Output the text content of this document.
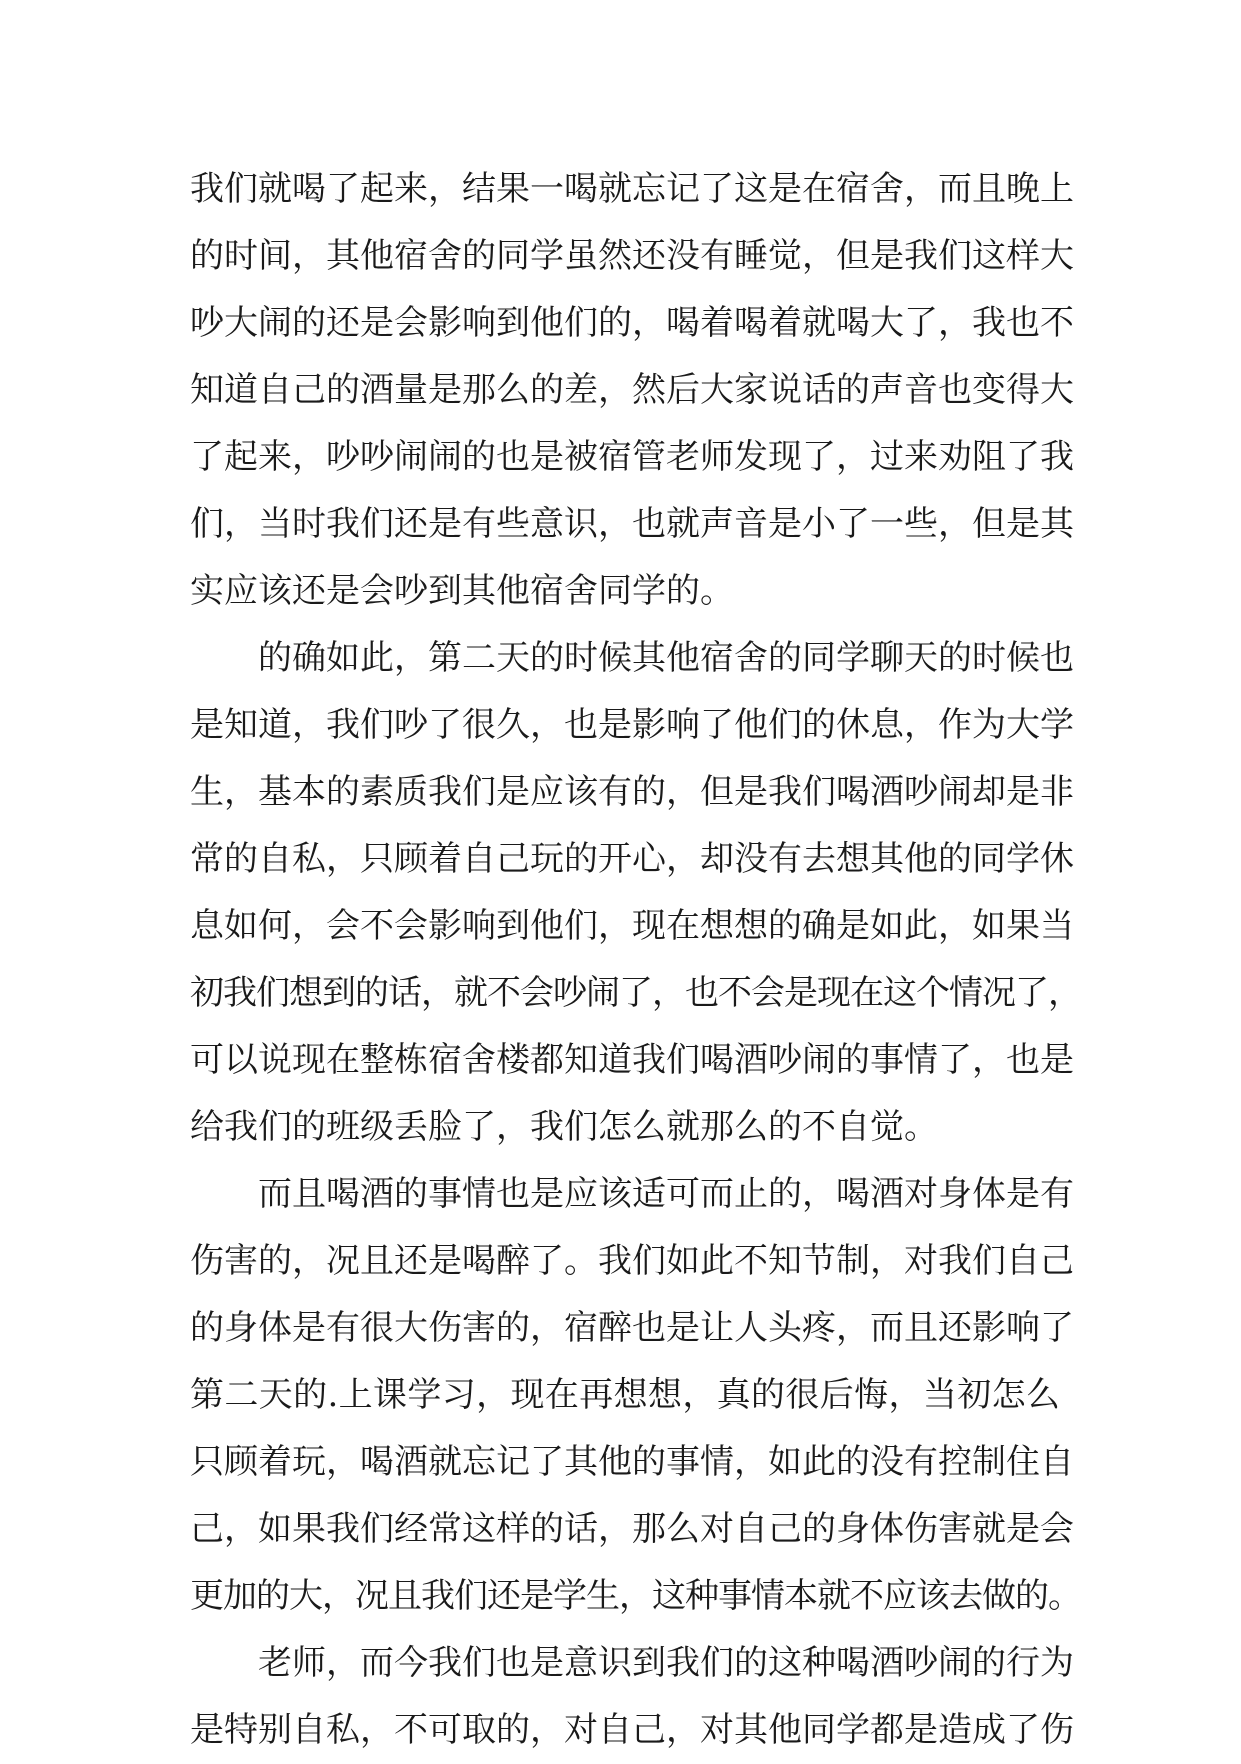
我们就喝了起来，结果一喝就忘记了这是在宿舍，而且晚上
的时间，其他宿舍的同学虽然还没有睡觉，但是我们这样大
吵大闹的还是会影响到他们的，喝着喝着就喝大了，我也不
知道自己的酒量是那么的差，然后大家说话的声音也变得大
了起来，吵吵闹闹的也是被宿管老师发现了，过来劝阻了我
们，当时我们还是有些意识，也就声音是小了一些，但是其
实应该还是会吵到其他宿舍同学的。
的确如此，第二天的时候其他宿舍的同学聊天的时候也
是知道，我们吵了很久，也是影响了他们的休息，作为大学
生，基本的素质我们是应该有的，但是我们喝酒吵闹却是非
常的自私，只顾着自己玩的开心，却没有去想其他的同学休
息如何，会不会影响到他们，现在想想的确是如此，如果当
初我们想到的话，就不会吵闹了，也不会是现在这个情况了，
可以说现在整栋宿舍楼都知道我们喝酒吵闹的事情了，也是
给我们的班级丢脸了，我们怎么就那么的不自觉。
而且喝酒的事情也是应该适可而止的，喝酒对身体是有
伤害的，况且还是喝醉了。我们如此不知节制，对我们自己
的身体是有很大伤害的，宿醉也是让人头疼，而且还影响了
第二天的.上课学习，现在再想想，真的很后悔，当初怎么
只顾着玩，喝酒就忘记了其他的事情，如此的没有控制住自
己，如果我们经常这样的话，那么对自己的身体伤害就是会
更加的大，况且我们还是学生，这种事情本就不应该去做的。
老师，而今我们也是意识到我们的这种喝酒吵闹的行为
是特别自私，不可取的，对自己，对其他同学都是造成了伤
